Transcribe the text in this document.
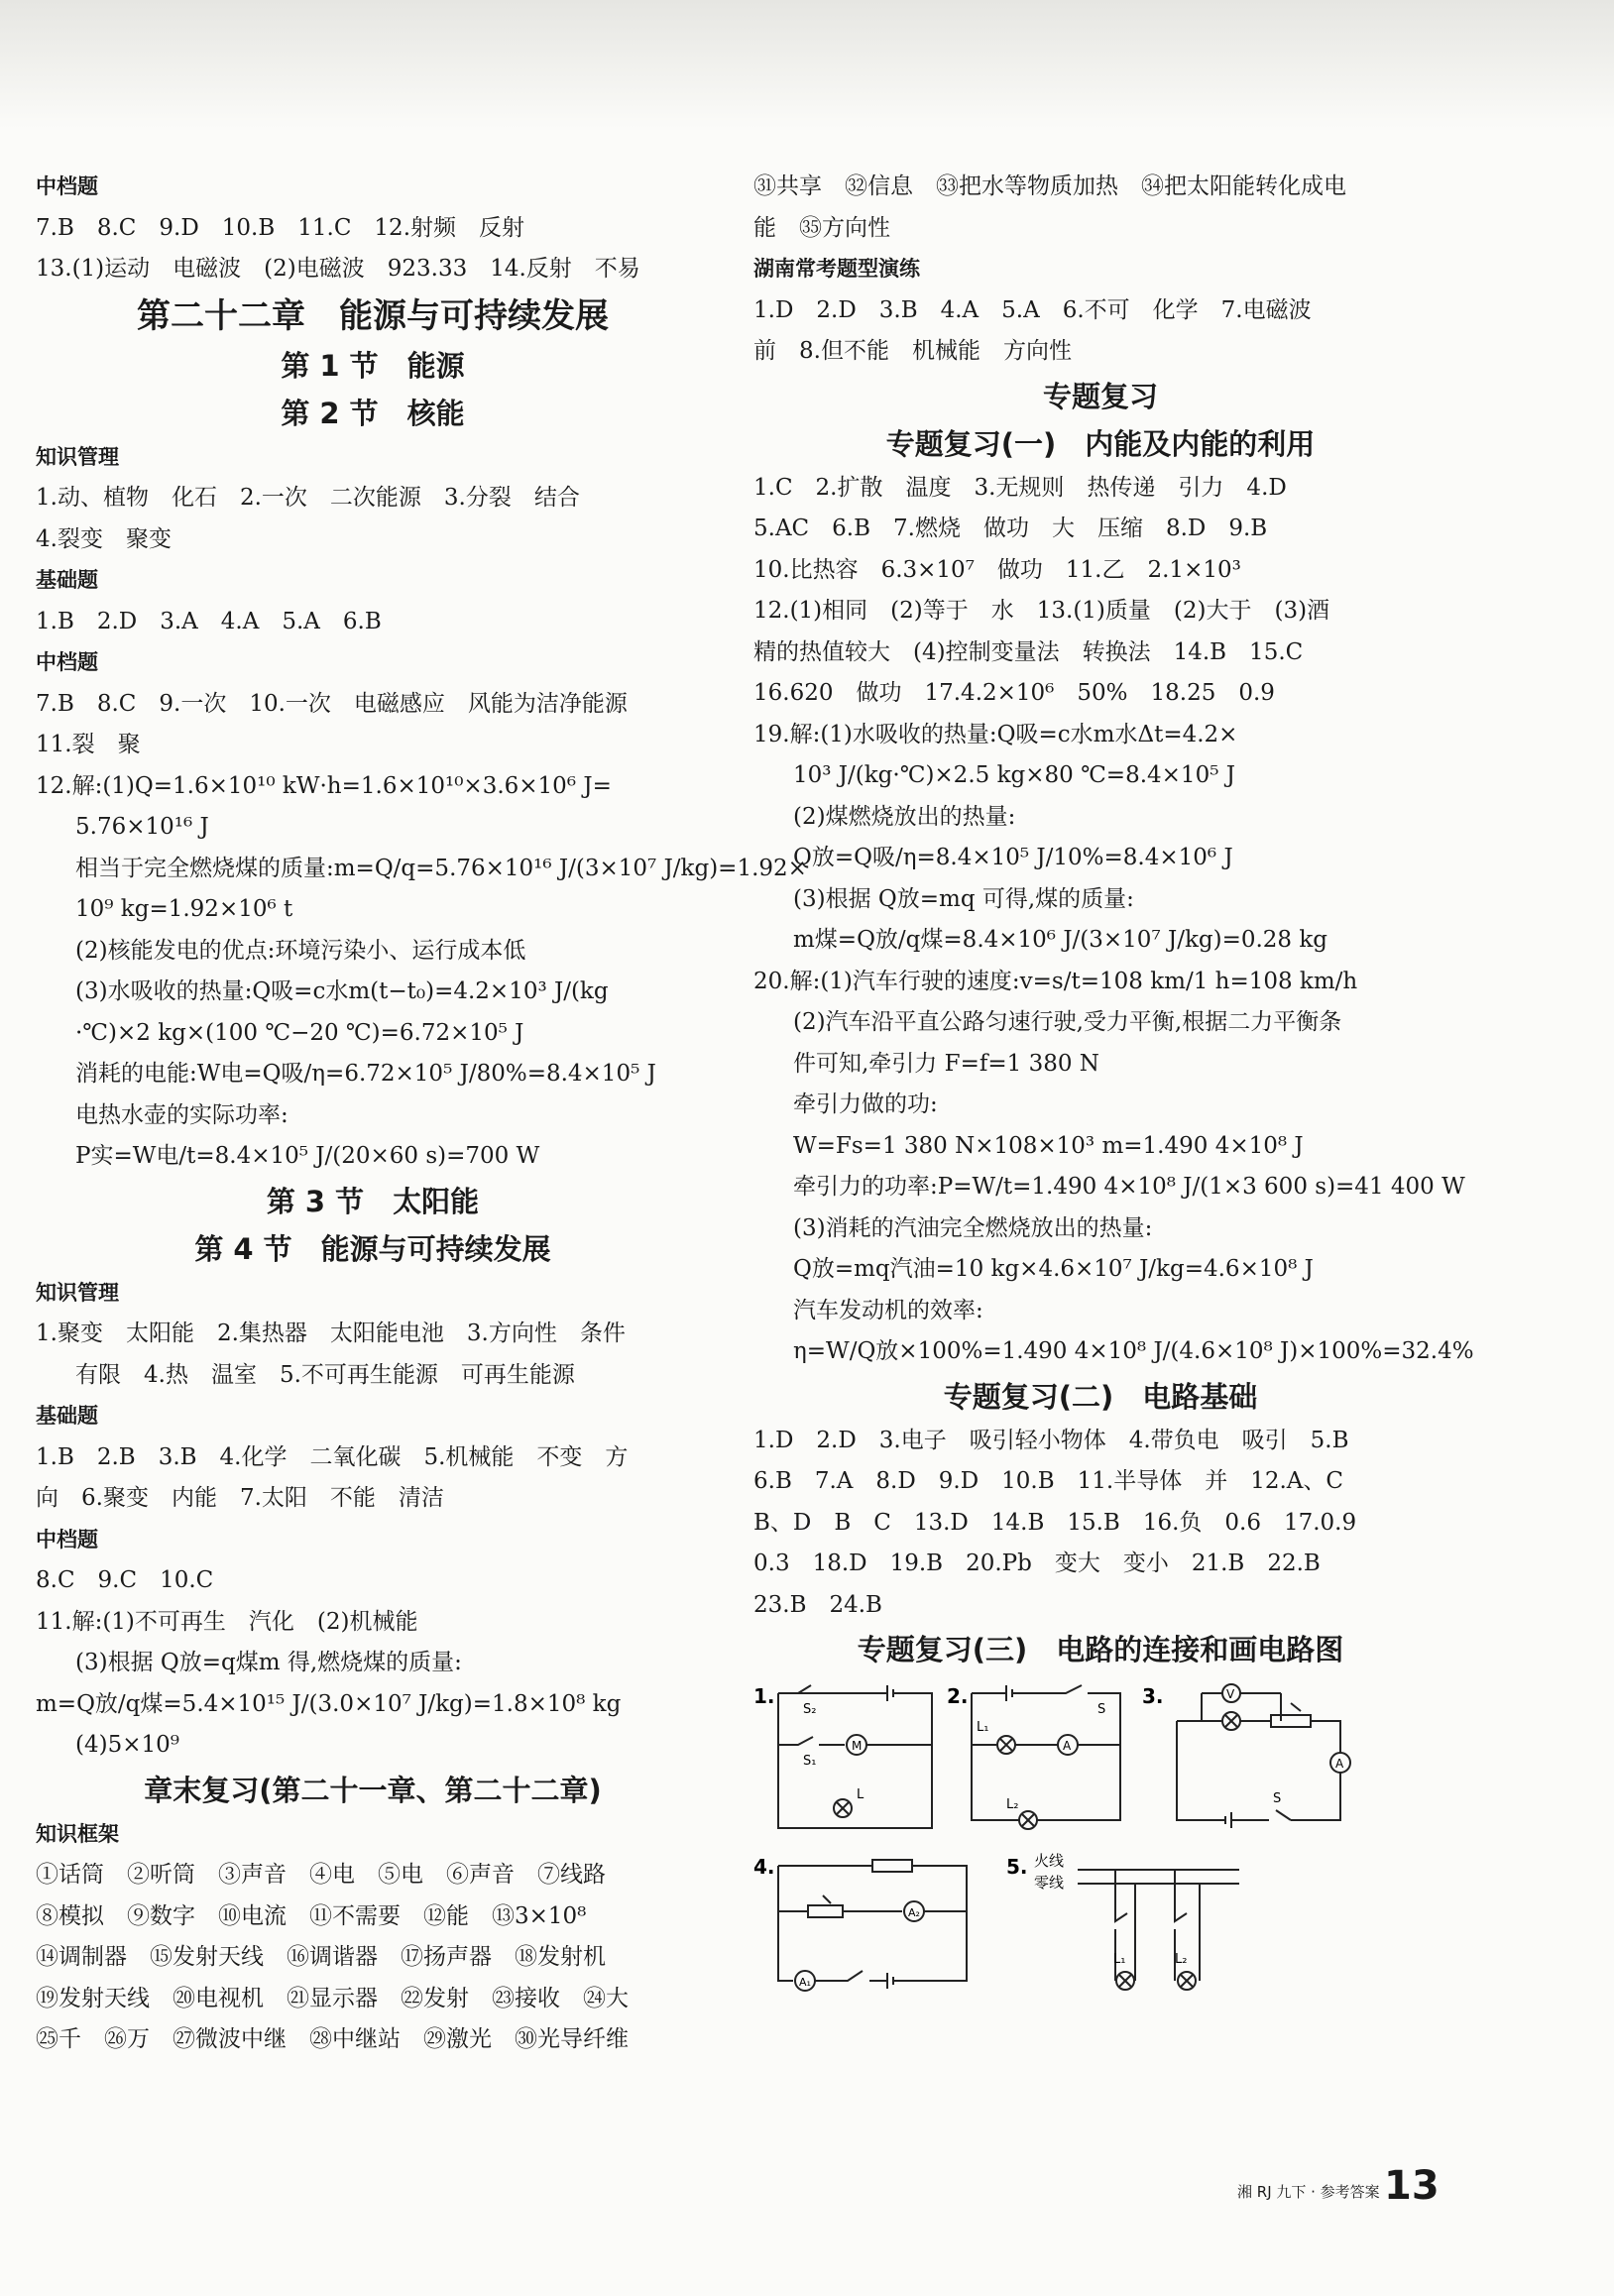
中档题
7.B　8.C　9.D　10.B　11.C　12.射频　反射
13.(1)运动　电磁波　(2)电磁波　923.33　14.反射　不易
第二十二章　能源与可持续发展
第 1 节　能源
第 2 节　核能
知识管理
1.动、植物　化石　2.一次　二次能源　3.分裂　结合
4.裂变　聚变
基础题
1.B　2.D　3.A　4.A　5.A　6.B
中档题
7.B　8.C　9.一次　10.一次　电磁感应　风能为洁净能源
11.裂　聚
12.解:(1)Q=1.6×10¹⁰ kW·h=1.6×10¹⁰×3.6×10⁶ J=
5.76×10¹⁶ J
相当于完全燃烧煤的质量:m=Q/q=5.76×10¹⁶ J/(3×10⁷ J/kg)=1.92×
10⁹ kg=1.92×10⁶ t
(2)核能发电的优点:环境污染小、运行成本低
(3)水吸收的热量:Q吸=c水m(t−t₀)=4.2×10³ J/(kg
·℃)×2 kg×(100 ℃−20 ℃)=6.72×10⁵ J
消耗的电能:W电=Q吸/η=6.72×10⁵ J/80%=8.4×10⁵ J
电热水壶的实际功率:
P实=W电/t=8.4×10⁵ J/(20×60 s)=700 W
第 3 节　太阳能
第 4 节　能源与可持续发展
知识管理
1.聚变　太阳能　2.集热器　太阳能电池　3.方向性　条件
有限　4.热　温室　5.不可再生能源　可再生能源
基础题
1.B　2.B　3.B　4.化学　二氧化碳　5.机械能　不变　方
向　6.聚变　内能　7.太阳　不能　清洁
中档题
8.C　9.C　10.C
11.解:(1)不可再生　汽化　(2)机械能
(3)根据 Q放=q煤m 得,燃烧煤的质量:
m=Q放/q煤=5.4×10¹⁵ J/(3.0×10⁷ J/kg)=1.8×10⁸ kg
(4)5×10⁹
章末复习(第二十一章、第二十二章)
知识框架
①话筒　②听筒　③声音　④电　⑤电　⑥声音　⑦线路
⑧模拟　⑨数字　⑩电流　⑪不需要　⑫能　⑬3×10⁸
⑭调制器　⑮发射天线　⑯调谐器　⑰扬声器　⑱发射机
⑲发射天线　⑳电视机　㉑显示器　㉒发射　㉓接收　㉔大
㉕千　㉖万　㉗微波中继　㉘中继站　㉙激光　㉚光导纤维
㉛共享　㉜信息　㉝把水等物质加热　㉞把太阳能转化成电
能　㉟方向性
湖南常考题型演练
1.D　2.D　3.B　4.A　5.A　6.不可　化学　7.电磁波
前　8.但不能　机械能　方向性
专题复习
专题复习(一)　内能及内能的利用
1.C　2.扩散　温度　3.无规则　热传递　引力　4.D
5.AC　6.B　7.燃烧　做功　大　压缩　8.D　9.B
10.比热容　6.3×10⁷　做功　11.乙　2.1×10³
12.(1)相同　(2)等于　水　13.(1)质量　(2)大于　(3)酒
精的热值较大　(4)控制变量法　转换法　14.B　15.C
16.620　做功　17.4.2×10⁶　50%　18.25　0.9
19.解:(1)水吸收的热量:Q吸=c水m水Δt=4.2×
10³ J/(kg·℃)×2.5 kg×80 ℃=8.4×10⁵ J
(2)煤燃烧放出的热量:
Q放=Q吸/η=8.4×10⁵ J/10%=8.4×10⁶ J
(3)根据 Q放=mq 可得,煤的质量:
m煤=Q放/q煤=8.4×10⁶ J/(3×10⁷ J/kg)=0.28 kg
20.解:(1)汽车行驶的速度:v=s/t=108 km/1 h=108 km/h
(2)汽车沿平直公路匀速行驶,受力平衡,根据二力平衡条
件可知,牵引力 F=f=1 380 N
牵引力做的功:
W=Fs=1 380 N×108×10³ m=1.490 4×10⁸ J
牵引力的功率:P=W/t=1.490 4×10⁸ J/(1×3 600 s)=41 400 W
(3)消耗的汽油完全燃烧放出的热量:
Q放=mq汽油=10 kg×4.6×10⁷ J/kg=4.6×10⁸ J
汽车发动机的效率:
η=W/Q放×100%=1.490 4×10⁸ J/(4.6×10⁸ J)×100%=32.4%
专题复习(二)　电路基础
1.D　2.D　3.电子　吸引轻小物体　4.带负电　吸引　5.B
6.B　7.A　8.D　9.D　10.B　11.半导体　并　12.A、C
B、D　B　C　13.D　14.B　15.B　16.负　0.6　17.0.9
0.3　18.D　19.B　20.Pb　变大　变小　21.B　22.B
23.B　24.B
专题复习(三)　电路的连接和画电路图
1.
S₂
S₁
M
L
2.
S
L₁
A
L₂
3.	V
A
S
4.
A₂
A₁
5. 火线
零线
L₁	L₂
湘 RJ 九下 · 参考答案 13
